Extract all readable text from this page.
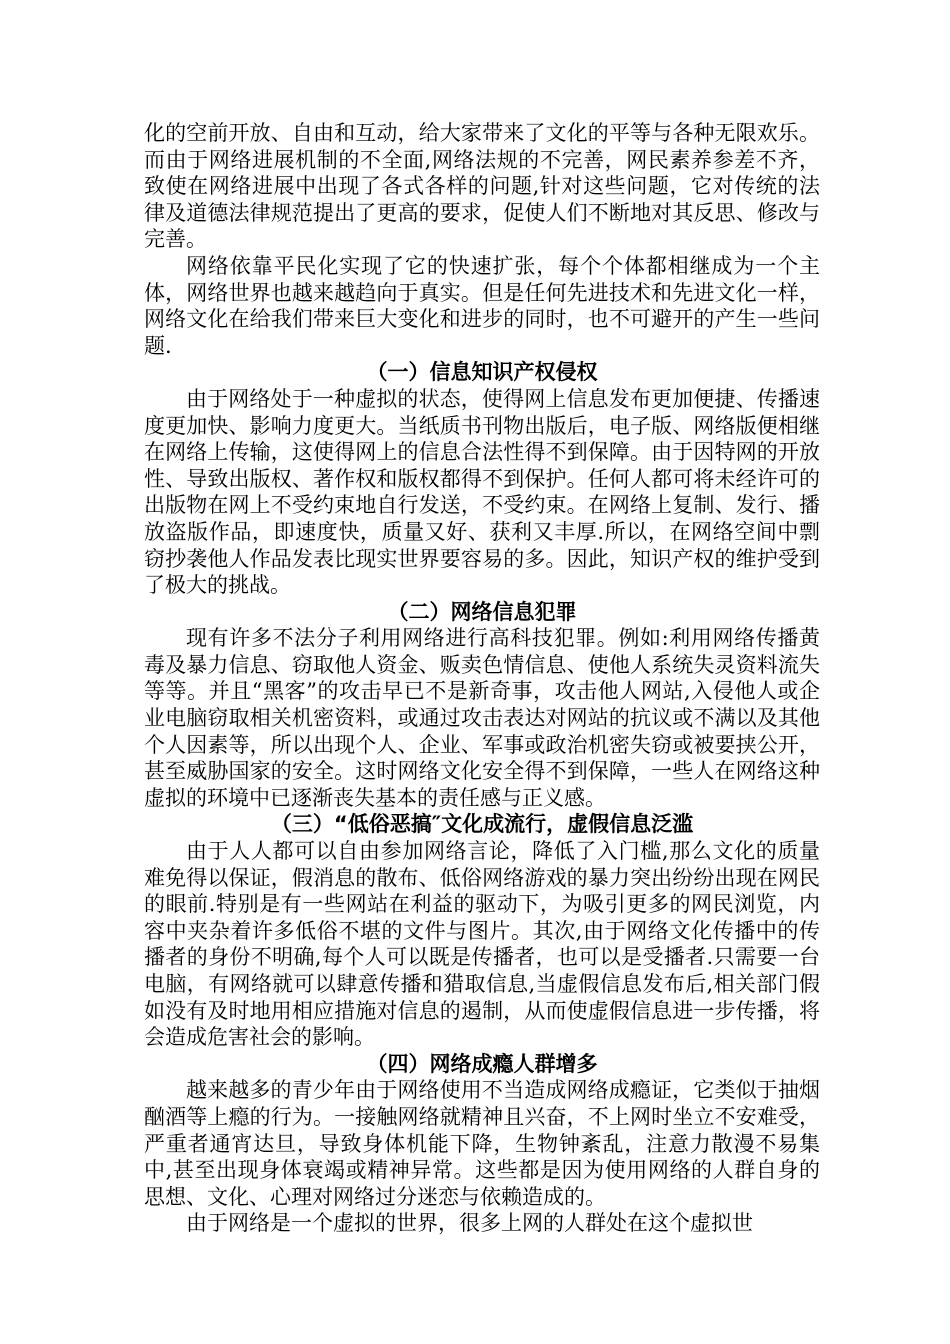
化的空前开放、自由和互动，给大家带来了文化的平等与各种无限欢乐。而由于网络进展机制的不全面,网络法规的不完善，网民素养参差不齐，致使在网络进展中出现了各式各样的问题,针对这些问题，它对传统的法律及道德法律规范提出了更高的要求，促使人们不断地对其反思、修改与完善。

网络依靠平民化实现了它的快速扩张，每个个体都相继成为一个主体，网络世界也越来越趋向于真实。但是任何先进技术和先进文化一样，网络文化在给我们带来巨大变化和进步的同时，也不可避开的产生一些问题.

（一）信息知识产权侵权

由于网络处于一种虚拟的状态，使得网上信息发布更加便捷、传播速度更加快、影响力度更大。当纸质书刊物出版后，电子版、网络版便相继在网络上传输，这使得网上的信息合法性得不到保障。由于因特网的开放性、导致出版权、著作权和版权都得不到保护。任何人都可将未经许可的出版物在网上不受约束地自行发送，不受约束。在网络上复制、发行、播放盗版作品，即速度快，质量又好、获利又丰厚.所以，在网络空间中剽窃抄袭他人作品发表比现实世界要容易的多。因此，知识产权的维护受到了极大的挑战。

（二）网络信息犯罪

现有许多不法分子利用网络进行高科技犯罪。例如:利用网络传播黄毒及暴力信息、窃取他人资金、贩卖色情信息、使他人系统失灵资料流失等等。并且“黑客”的攻击早已不是新奇事，攻击他人网站,入侵他人或企业电脑窃取相关机密资料，或通过攻击表达对网站的抗议或不满以及其他个人因素等，所以出现个人、企业、军事或政治机密失窃或被要挟公开，甚至威胁国家的安全。这时网络文化安全得不到保障，一些人在网络这种虚拟的环境中已逐渐丧失基本的责任感与正义感。

（三）“低俗恶搞″文化成流行，虚假信息泛滥

由于人人都可以自由参加网络言论，降低了入门槛,那么文化的质量难免得以保证，假消息的散布、低俗网络游戏的暴力突出纷纷出现在网民的眼前.特别是有一些网站在利益的驱动下，为吸引更多的网民浏览，内容中夹杂着许多低俗不堪的文件与图片。其次,由于网络文化传播中的传播者的身份不明确,每个人可以既是传播者，也可以是受播者.只需要一台电脑，有网络就可以肆意传播和猎取信息,当虚假信息发布后,相关部门假如没有及时地用相应措施对信息的遏制，从而使虚假信息进一步传播，将会造成危害社会的影响。

（四）网络成瘾人群增多

越来越多的青少年由于网络使用不当造成网络成瘾证，它类似于抽烟酗酒等上瘾的行为。一接触网络就精神且兴奋，不上网时坐立不安难受，严重者通宵达旦，导致身体机能下降，生物钟紊乱，注意力散漫不易集中,甚至出现身体衰竭或精神异常。这些都是因为使用网络的人群自身的思想、文化、心理对网络过分迷恋与依赖造成的。

由于网络是一个虚拟的世界，很多上网的人群处在这个虚拟世
